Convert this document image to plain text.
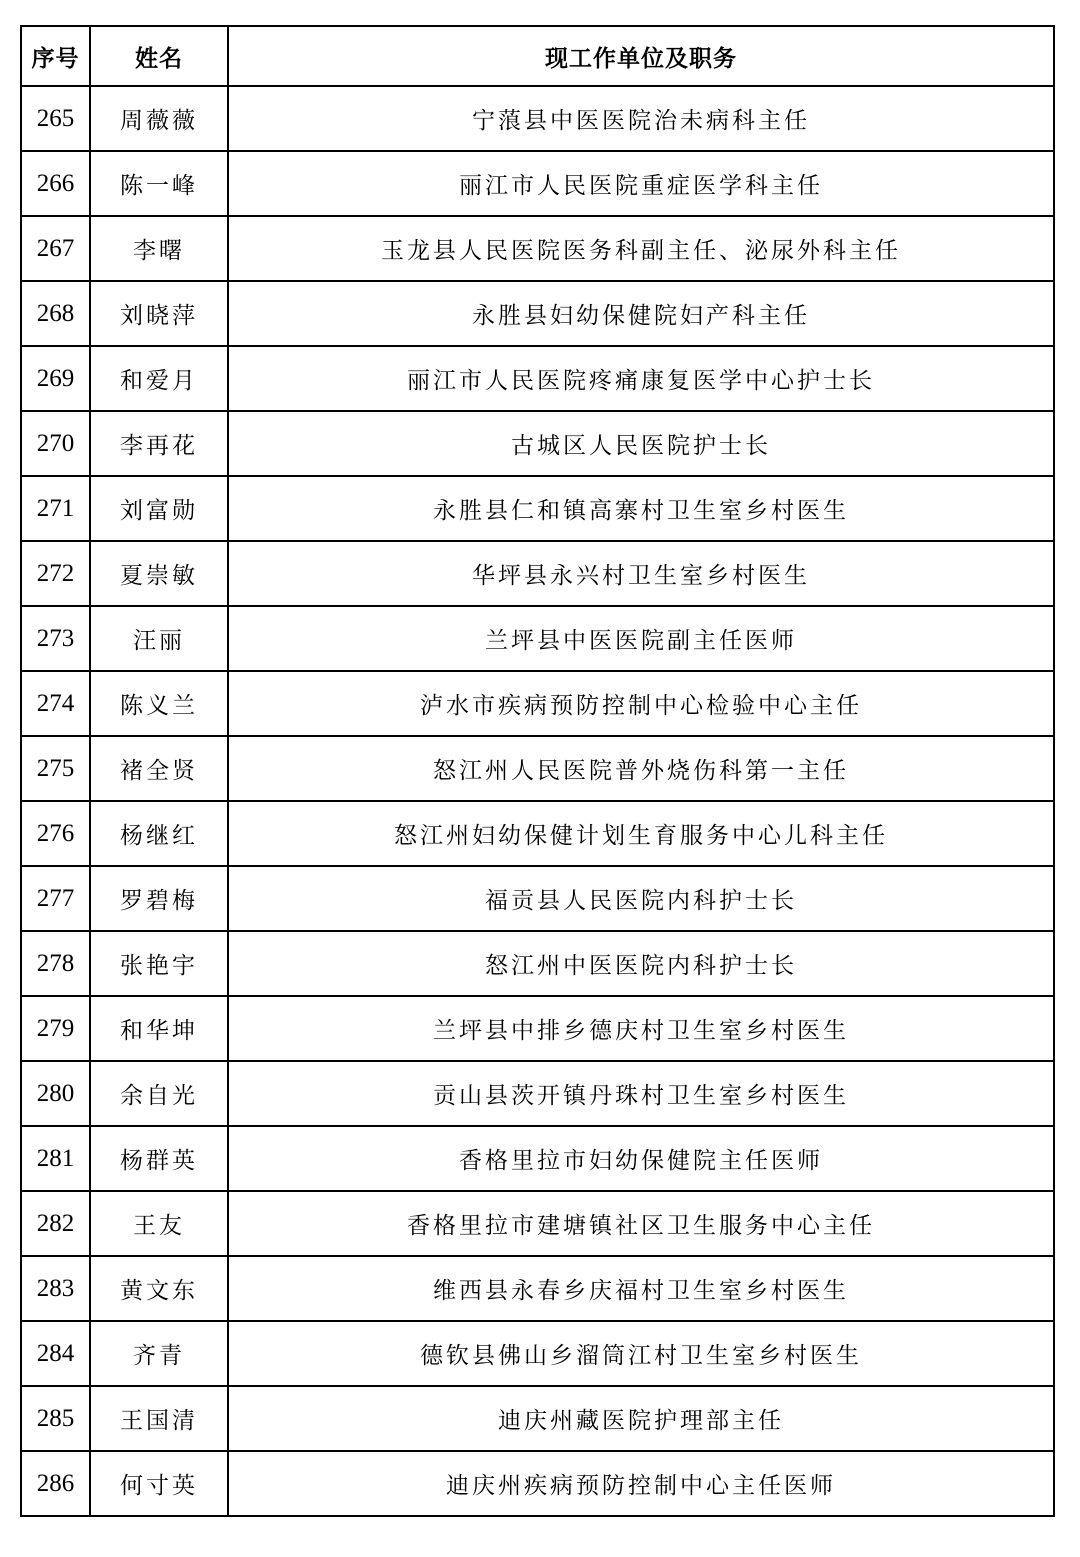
序号	姓名	现工作单位及职务
265	周薇薇	宁蒗县中医医院治未病科主任
266	陈一峰	丽江市人民医院重症医学科主任
267	李曙	玉龙县人民医院医务科副主任、泌尿外科主任
268	刘晓萍	永胜县妇幼保健院妇产科主任
269	和爱月	丽江市人民医院疼痛康复医学中心护士长
270	李再花	古城区人民医院护士长
271	刘富勋	永胜县仁和镇高寨村卫生室乡村医生
272	夏崇敏	华坪县永兴村卫生室乡村医生
273	汪丽	兰坪县中医医院副主任医师
274	陈义兰	泸水市疾病预防控制中心检验中心主任
275	褚全贤	怒江州人民医院普外烧伤科第一主任
276	杨继红	怒江州妇幼保健计划生育服务中心儿科主任
277	罗碧梅	福贡县人民医院内科护士长
278	张艳宇	怒江州中医医院内科护士长
279	和华坤	兰坪县中排乡德庆村卫生室乡村医生
280	余自光	贡山县茨开镇丹珠村卫生室乡村医生
281	杨群英	香格里拉市妇幼保健院主任医师
282	王友	香格里拉市建塘镇社区卫生服务中心主任
283	黄文东	维西县永春乡庆福村卫生室乡村医生
284	齐青	德钦县佛山乡溜筒江村卫生室乡村医生
285	王国清	迪庆州藏医院护理部主任
286	何寸英	迪庆州疾病预防控制中心主任医师
